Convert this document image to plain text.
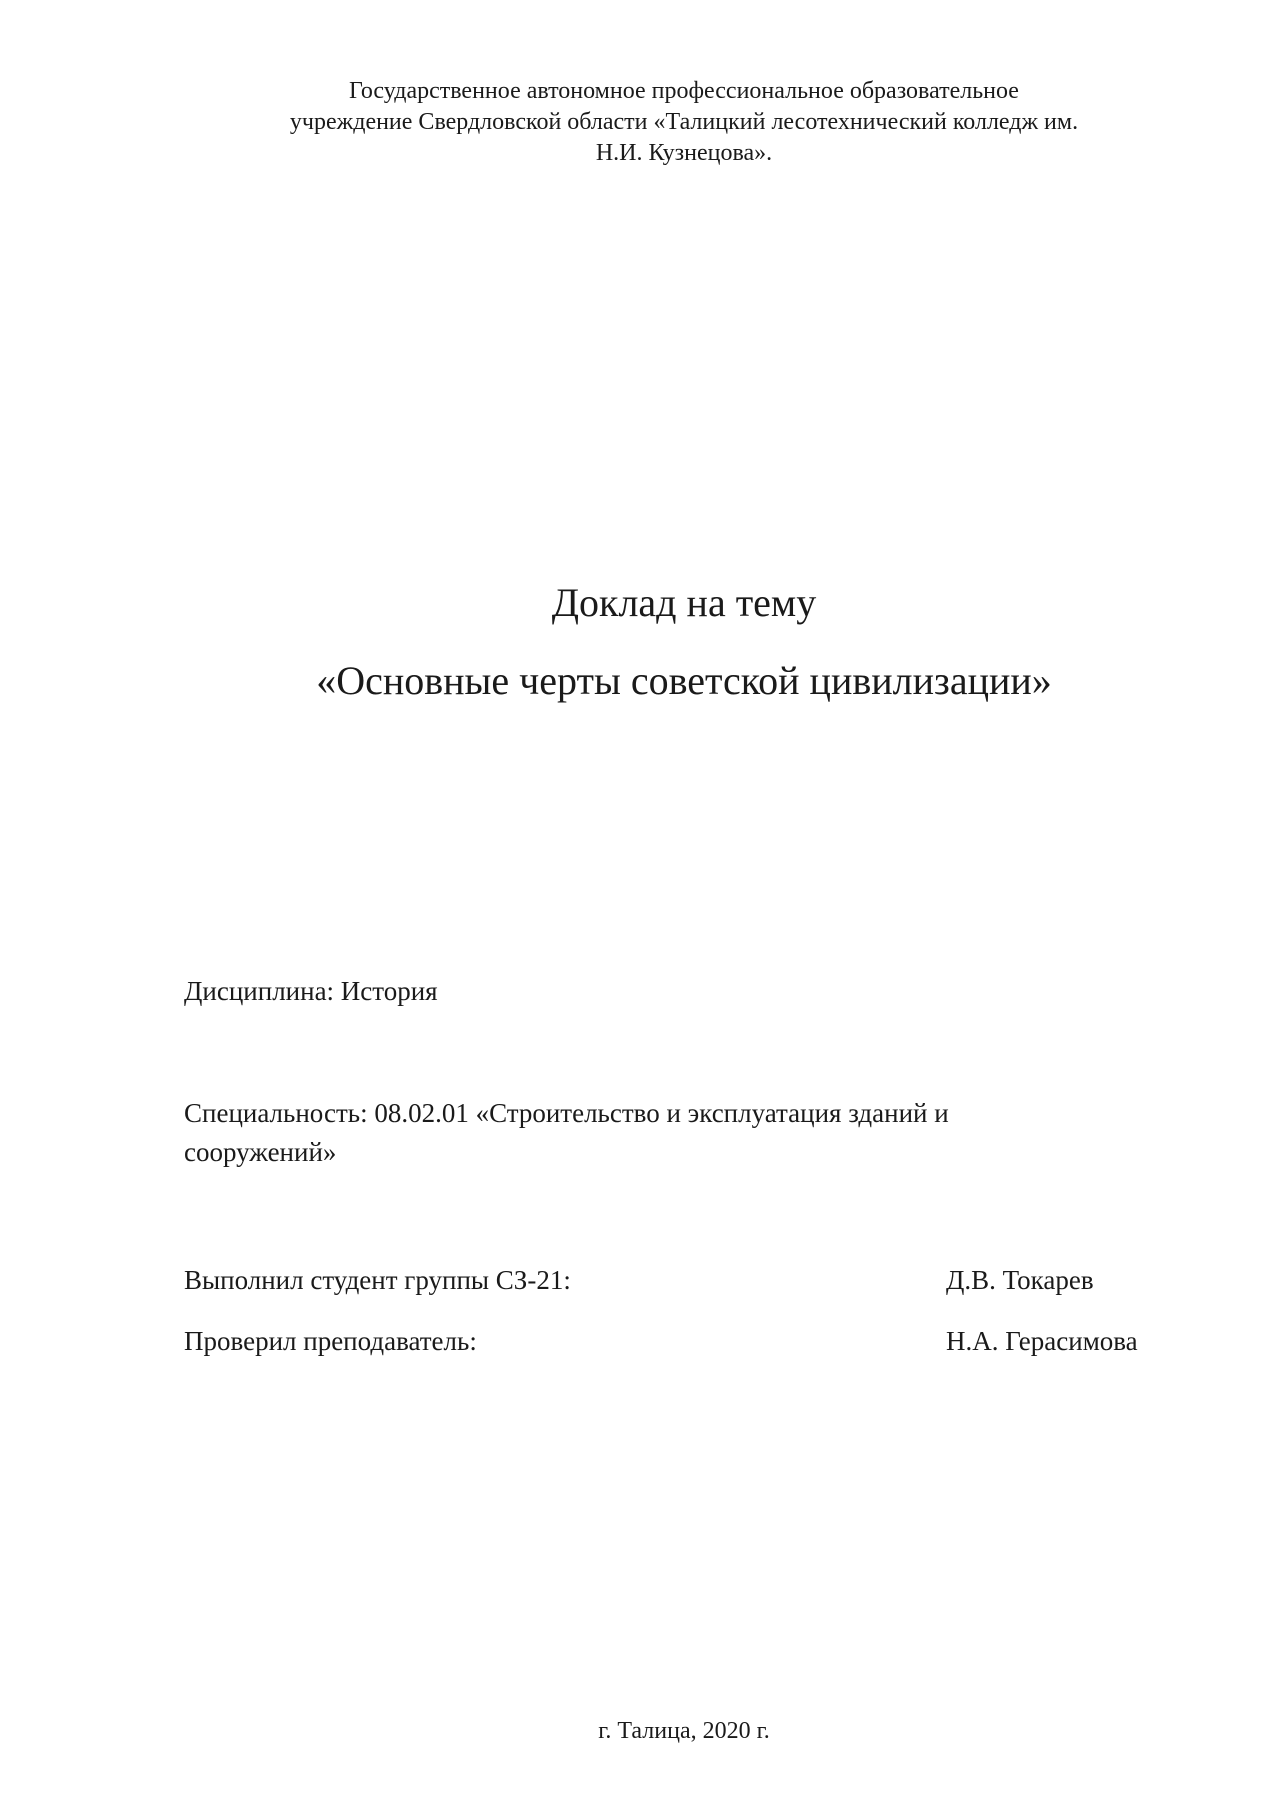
Государственное автономное профессиональное образовательное
учреждение Свердловской области «Талицкий лесотехнический колледж им.
Н.И. Кузнецова».
Доклад на тему
«Основные черты советской цивилизации»
Дисциплина: История
Специальность: 08.02.01 «Строительство и эксплуатация зданий и сооружений»
Выполнил студент группы СЗ-21:	Д.В. Токарев
Проверил преподаватель:	Н.А. Герасимова
г. Талица, 2020 г.
